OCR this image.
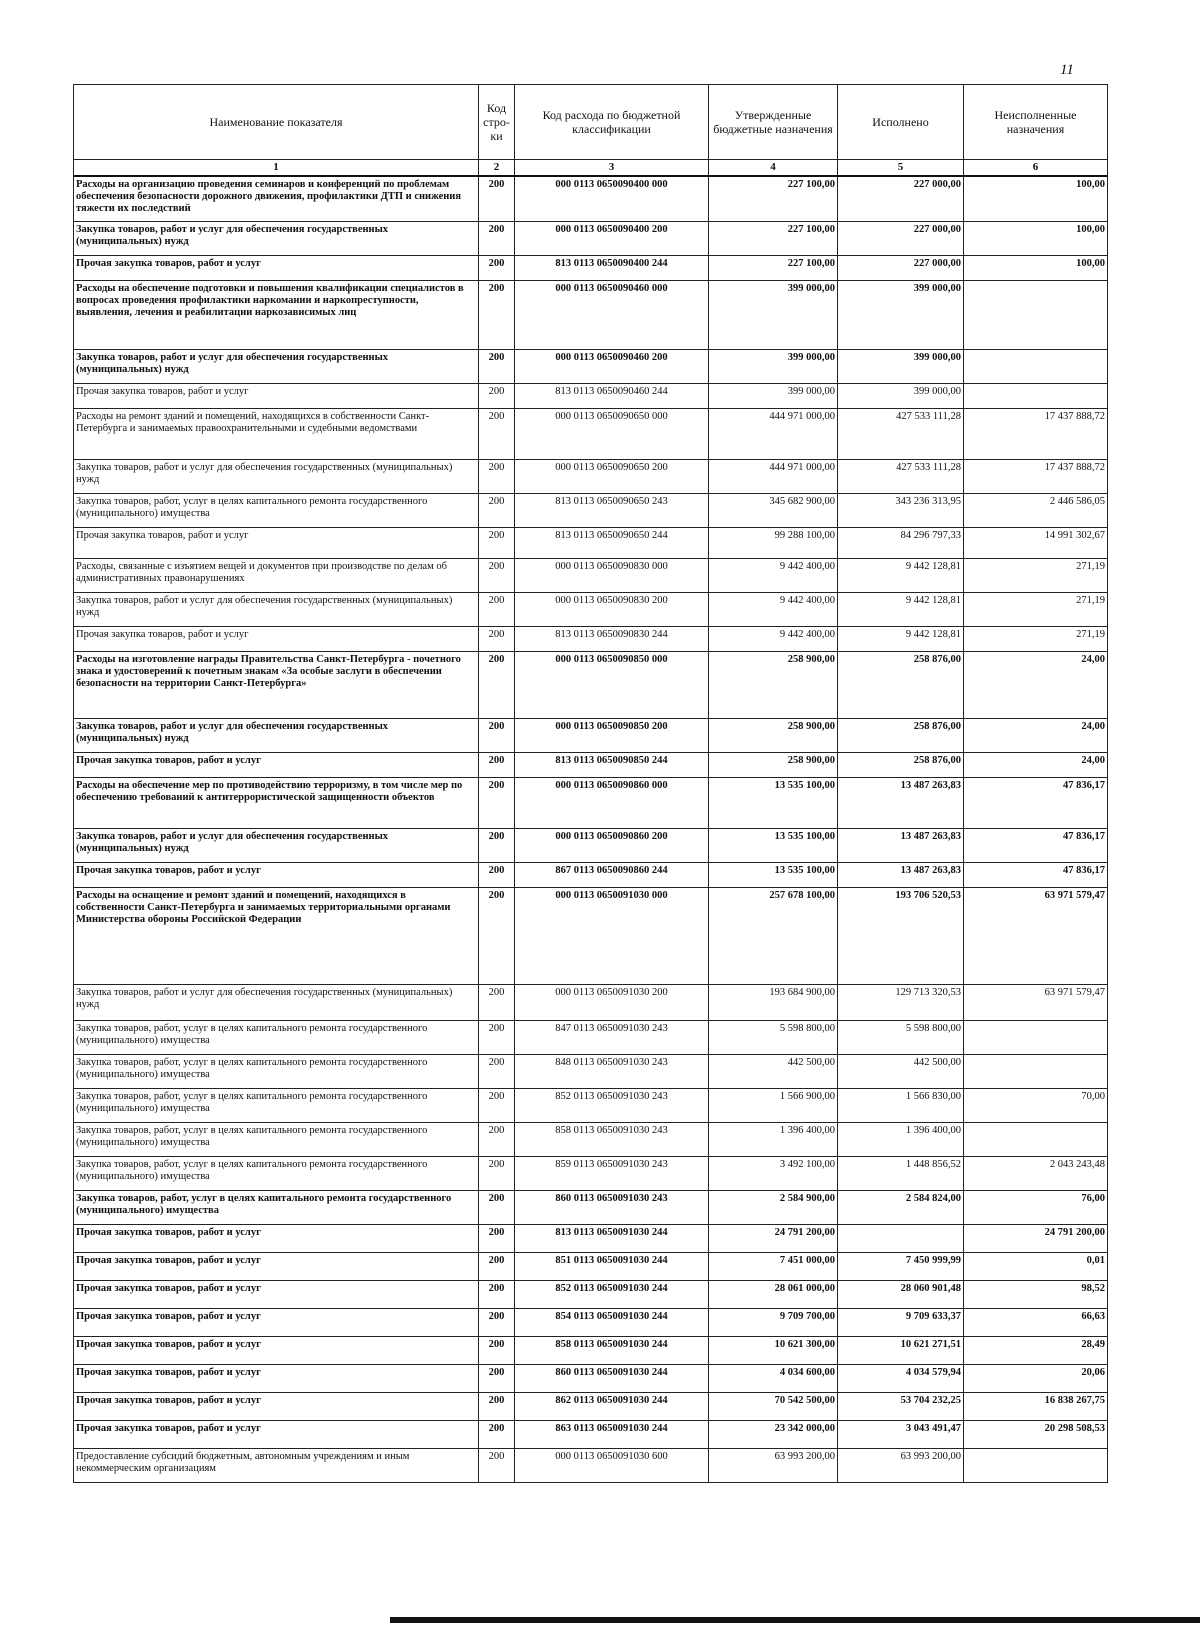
11
Наименование показателя	Код стро-ки	Код расхода по бюджетной классификации	Утвержденные бюджетные назначения	Исполнено	Неисполненные назначения
1	2	3	4	5	6
Расходы на организацию проведения семинаров и конференций по проблемам обеспечения безопасности дорожного движения, профилактики ДТП и снижения тяжести их последствий	200	000 0113 0650090400 000	227 100,00	227 000,00	100,00
Закупка товаров, работ и услуг для обеспечения государственных (муниципальных) нужд	200	000 0113 0650090400 200	227 100,00	227 000,00	100,00
Прочая закупка товаров, работ и услуг	200	813 0113 0650090400 244	227 100,00	227 000,00	100,00
Расходы на обеспечение подготовки и повышения квалификации специалистов в вопросах проведения профилактики наркомании и наркопреступности, выявления, лечения и реабилитации наркозависимых лиц	200	000 0113 0650090460 000	399 000,00	399 000,00	
Закупка товаров, работ и услуг для обеспечения государственных (муниципальных) нужд	200	000 0113 0650090460 200	399 000,00	399 000,00	
Прочая закупка товаров, работ и услуг	200	813 0113 0650090460 244	399 000,00	399 000,00	
Расходы на ремонт зданий и помещений, находящихся в собственности Санкт-Петербурга и занимаемых правоохранительными и судебными ведомствами	200	000 0113 0650090650 000	444 971 000,00	427 533 111,28	17 437 888,72
Закупка товаров, работ и услуг для обеспечения государственных (муниципальных) нужд	200	000 0113 0650090650 200	444 971 000,00	427 533 111,28	17 437 888,72
Закупка товаров, работ, услуг в целях капитального ремонта государственного (муниципального) имущества	200	813 0113 0650090650 243	345 682 900,00	343 236 313,95	2 446 586,05
Прочая закупка товаров, работ и услуг	200	813 0113 0650090650 244	99 288 100,00	84 296 797,33	14 991 302,67
Расходы, связанные с изъятием вещей и документов при производстве по делам об административных правонарушениях	200	000 0113 0650090830 000	9 442 400,00	9 442 128,81	271,19
Закупка товаров, работ и услуг для обеспечения государственных (муниципальных) нужд	200	000 0113 0650090830 200	9 442 400,00	9 442 128,81	271,19
Прочая закупка товаров, работ и услуг	200	813 0113 0650090830 244	9 442 400,00	9 442 128,81	271,19
Расходы на изготовление награды Правительства Санкт-Петербурга - почетного знака и удостоверений к почетным знакам «За особые заслуги в обеспечении безопасности на территории Санкт-Петербурга»	200	000 0113 0650090850 000	258 900,00	258 876,00	24,00
Закупка товаров, работ и услуг для обеспечения государственных (муниципальных) нужд	200	000 0113 0650090850 200	258 900,00	258 876,00	24,00
Прочая закупка товаров, работ и услуг	200	813 0113 0650090850 244	258 900,00	258 876,00	24,00
Расходы на обеспечение мер по противодействию терроризму, в том числе мер по обеспечению требований к антитеррористической защищенности объектов	200	000 0113 0650090860 000	13 535 100,00	13 487 263,83	47 836,17
Закупка товаров, работ и услуг для обеспечения государственных (муниципальных) нужд	200	000 0113 0650090860 200	13 535 100,00	13 487 263,83	47 836,17
Прочая закупка товаров, работ и услуг	200	867 0113 0650090860 244	13 535 100,00	13 487 263,83	47 836,17
Расходы на оснащение и ремонт зданий и помещений, находящихся в собственности Санкт-Петербурга и занимаемых территориальными органами Министерства обороны Российской Федерации	200	000 0113 0650091030 000	257 678 100,00	193 706 520,53	63 971 579,47
Закупка товаров, работ и услуг для обеспечения государственных (муниципальных) нужд	200	000 0113 0650091030 200	193 684 900,00	129 713 320,53	63 971 579,47
Закупка товаров, работ, услуг в целях капитального ремонта государственного (муниципального) имущества	200	847 0113 0650091030 243	5 598 800,00	5 598 800,00	
Закупка товаров, работ, услуг в целях капитального ремонта государственного (муниципального) имущества	200	848 0113 0650091030 243	442 500,00	442 500,00	
Закупка товаров, работ, услуг в целях капитального ремонта государственного (муниципального) имущества	200	852 0113 0650091030 243	1 566 900,00	1 566 830,00	70,00
Закупка товаров, работ, услуг в целях капитального ремонта государственного (муниципального) имущества	200	858 0113 0650091030 243	1 396 400,00	1 396 400,00	
Закупка товаров, работ, услуг в целях капитального ремонта государственного (муниципального) имущества	200	859 0113 0650091030 243	3 492 100,00	1 448 856,52	2 043 243,48
Закупка товаров, работ, услуг в целях капитального ремонта государственного (муниципального) имущества	200	860 0113 0650091030 243	2 584 900,00	2 584 824,00	76,00
Прочая закупка товаров, работ и услуг	200	813 0113 0650091030 244	24 791 200,00		24 791 200,00
Прочая закупка товаров, работ и услуг	200	851 0113 0650091030 244	7 451 000,00	7 450 999,99	0,01
Прочая закупка товаров, работ и услуг	200	852 0113 0650091030 244	28 061 000,00	28 060 901,48	98,52
Прочая закупка товаров, работ и услуг	200	854 0113 0650091030 244	9 709 700,00	9 709 633,37	66,63
Прочая закупка товаров, работ и услуг	200	858 0113 0650091030 244	10 621 300,00	10 621 271,51	28,49
Прочая закупка товаров, работ и услуг	200	860 0113 0650091030 244	4 034 600,00	4 034 579,94	20,06
Прочая закупка товаров, работ и услуг	200	862 0113 0650091030 244	70 542 500,00	53 704 232,25	16 838 267,75
Прочая закупка товаров, работ и услуг	200	863 0113 0650091030 244	23 342 000,00	3 043 491,47	20 298 508,53
Предоставление субсидий бюджетным, автономным учреждениям и иным некоммерческим организациям	200	000 0113 0650091030 600	63 993 200,00	63 993 200,00	
